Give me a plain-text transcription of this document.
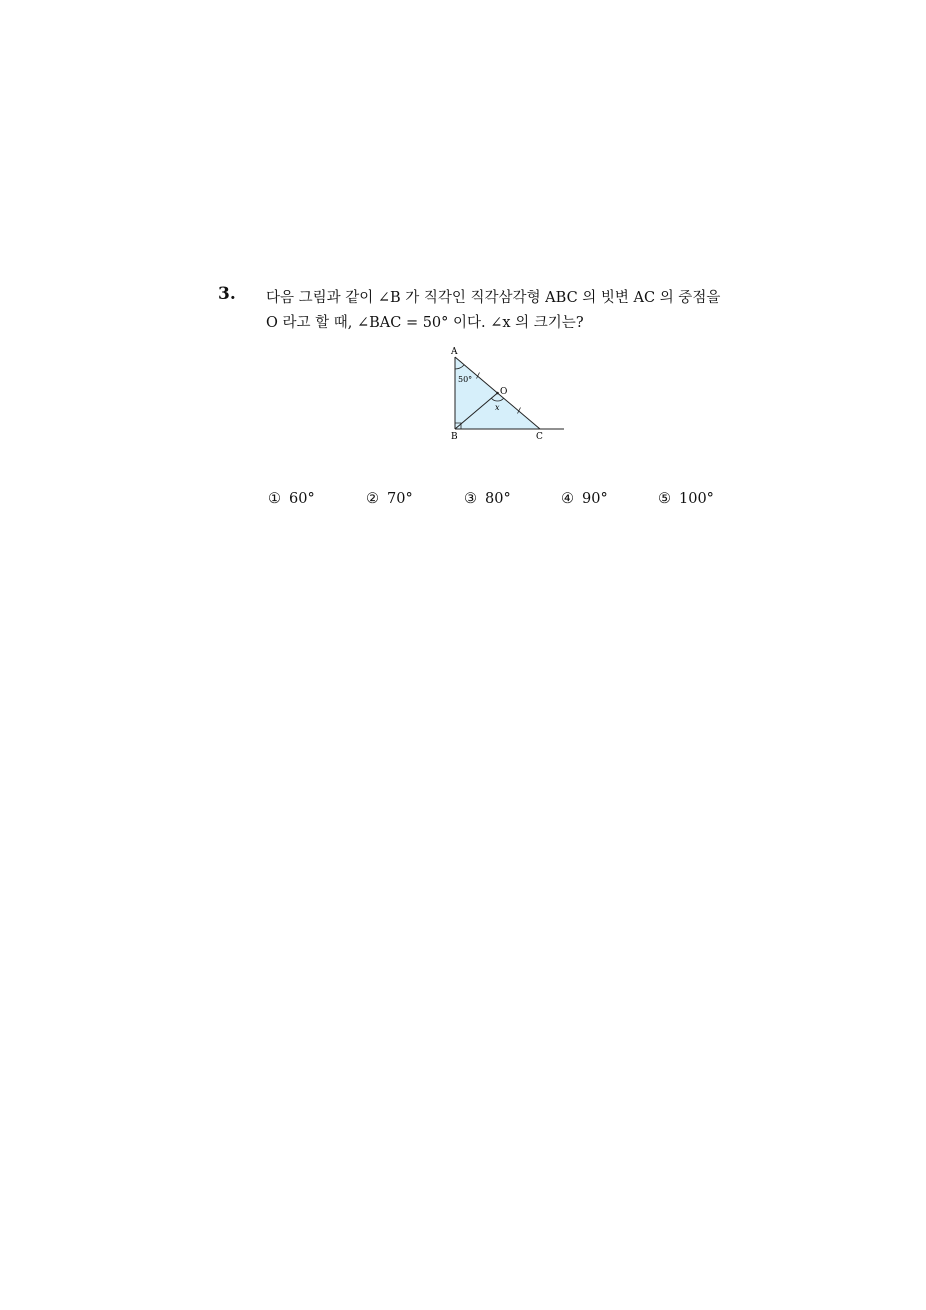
3. 다음 그림과 같이 ∠B 가 직각인 직각삼각형 ABC 의 빗변 AC 의 중점을
O 라고 할 때, ∠BAC = 50° 이다. ∠x 의 크기는?
A
B	C
O
50°
x
① 60°	② 70°	③ 80°	④ 90°	⑤ 100°
